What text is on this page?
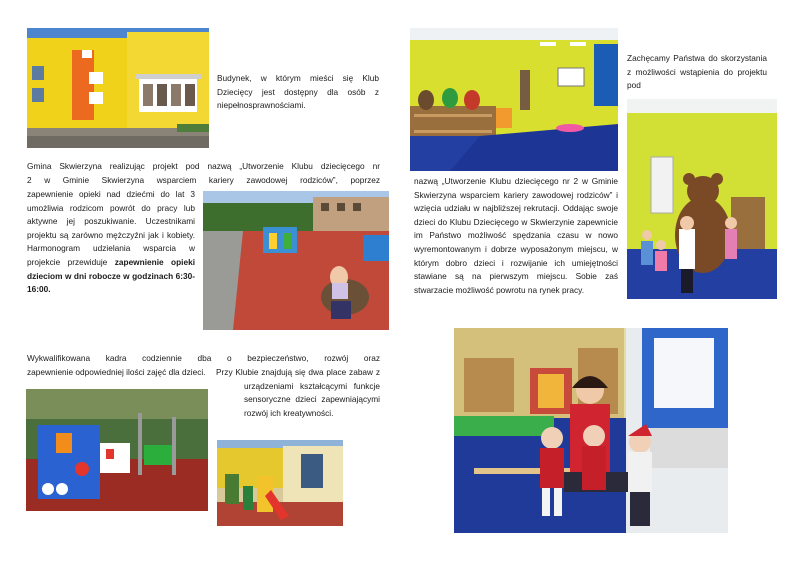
Budynek, w którym mieści się Klub Dziecięcy jest dostępny dla osób z niepełnosprawnościami.

Gmina Skwierzyna realizując projekt pod nazwą „Utworzenie Klubu dziecięcego nr

2 w Gminie Skwierzyna wsparciem kariery zawodowej rodziców”, poprzez

zapewnienie opieki nad dziećmi do lat 3 umożliwia rodzicom powrót do pracy lub aktywne jej poszukiwanie. Uczestnikami projektu są zarówno mężczyźni jak i kobiety. Harmonogram udzielania wsparcia w projekcie przewiduje zapewnienie opieki dzieciom w dni robocze w godzinach 6:30-16:00.

Wykwalifikowana kadra codziennie dba o bezpieczeństwo, rozwój oraz

zapewnienie odpowiedniej ilości zajęć dla dzieci.	Przy Klubie znajdują się dwa place zabaw z urządzeniami kształcącymi funkcje sensoryczne dzieci zapewniającymi rozwój ich kreatywności.

Zachęcamy Państwa do skorzystania z możliwości wstąpienia do projektu pod

nazwą „Utworzenie Klubu dziecięcego nr 2 w Gminie Skwierzyna wsparciem kariery zawodowej rodziców” i wzięcia udziału w najbliższej rekrutacji. Oddając swoje dzieci do Klubu Dziecięcego w Skwierzynie zapewnicie im Państwo możliwość spędzania czasu w nowo wyremontowanym i dobrze wyposażonym miejscu, w którym dobro dzieci i rozwijanie ich umiejętności stawiane są na pierwszym miejscu. Sobie zaś stwarzacie możliwość powrotu na rynek pracy.
